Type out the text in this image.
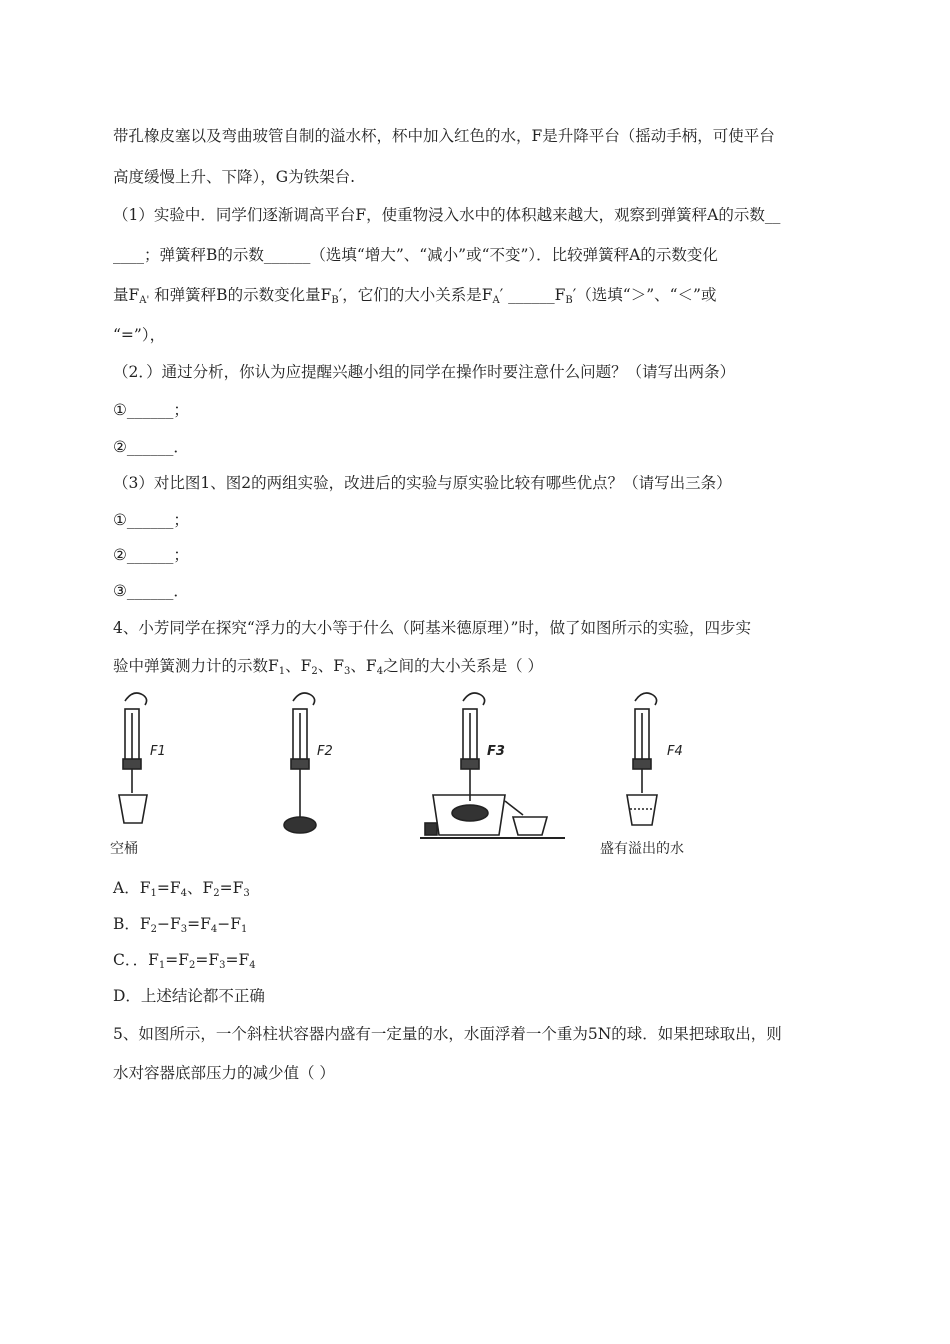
带孔橡皮塞以及弯曲玻管自制的溢水杯，杯中加入红色的水，F是升降平台（摇动手柄，可使平台
高度缓慢上升、下降），G为铁架台.
（1）实验中．同学们逐渐调高平台F，使重物浸入水中的体积越来越大，观察到弹簧秤A的示数__
____；弹簧秤B的示数______（选填“增大”、“减小”或“不变”）．比较弹簧秤A的示数变化
量$F_{A'}$ 和弹簧秤B的示数变化量$F_B'$，它们的大小关系是$F_A'$ $\_\_\_\_\_\_F_B'$（选填“＞”、“＜”或
“=”），
（2．）通过分析，你认为应提醒兴趣小组的同学在操作时要注意什么问题？（请写出两条）
①______；
②______．
（3）对比图1、图2的两组实验，改进后的实验与原实验比较有哪些优点？（请写出三条）
①______；
②______；
③______．
4、小芳同学在探究“浮力的大小等于什么（阿基米德原理）”时，做了如图所示的实验，四步实
验中弹簧测力计的示数$F_1$、$F_2$、$F_3$、$F_4$之间的大小关系是（ ）
F1
空桶
F2	F3	F4
盛有溢出的水
A．$F_1=F_4$、$F_2=F_3$
B．$F_2-F_3=F_4-F_1$
C．．$F_1=F_2=F_3=F_4$
D．上述结论都不正确
5、如图所示，一个斜柱状容器内盛有一定量的水，水面浮着一个重为5N的球．如果把球取出，则
水对容器底部压力的减少值（ ）
